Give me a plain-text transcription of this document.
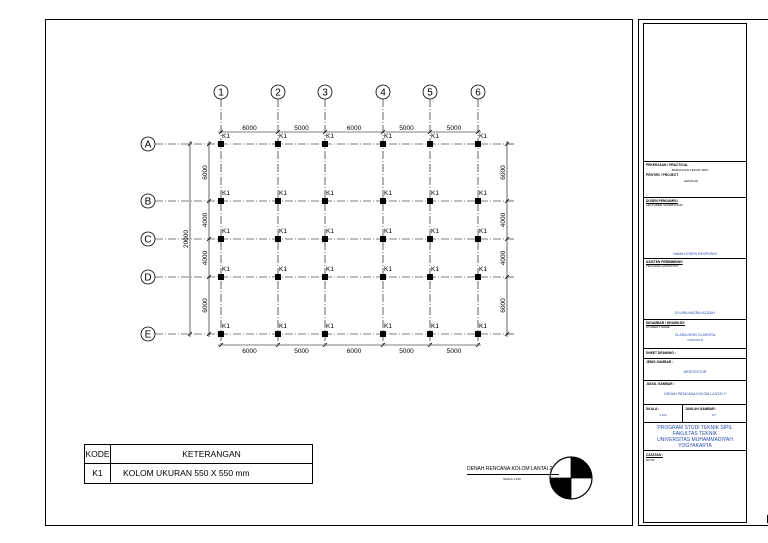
PEKERJAAN / PRACTICAL
BANGUNAN TEKNIK SIPIL
PROYEK / PROJECT
SEKOLAH
DOSEN PENGAMPU
LECTURER SUPERVISOR
NAMA DOSEN RESPONSI
ASISTEN PEMBIMBING
TEACHING ASSISTANT
ELVIRA NAZRIA AZIZAH
DIGAMBAR / DRAWN BY
STUDENT NAME
CLARA DEWI CLARISTA
2018010TE
SHEET DRAWING :
JENIS GAMBAR :
ARSITEKTUR
JUDUL GAMBAR :
DENAH RENCANA KOLOM LANTAI 2
SKALA :
1:100
JUMLAH GAMBAR :
3/7
PROGRAM STUDI TEKNIK SIPIL
FAKULTAS TEKNIK
UNIVERSITAS MUHAMMADIYAH
YOGYAKARTA
CATATAN :
NOTE
1	2	3	4	5	6
A
B
C
D
E
K1	K1	K1	K1	K1	K1
K1	K1	K1	K1	K1	K1
K1	K1	K1	K1	K1	K1
K1	K1	K1	K1	K1	K1
K1	K1	K1	K1	K1	K1
6000	5000	6000	5000	5000
6000	5000	6000	5000	5000
6000
4000
4000
6000
20000
6000
4000
4000
6000
KODE	KETERANGAN
K1	KOLOM UKURAN 550 X 550 mm	DENAH RENCANA KOLOM LANTAI 2
SKALA 1:100
